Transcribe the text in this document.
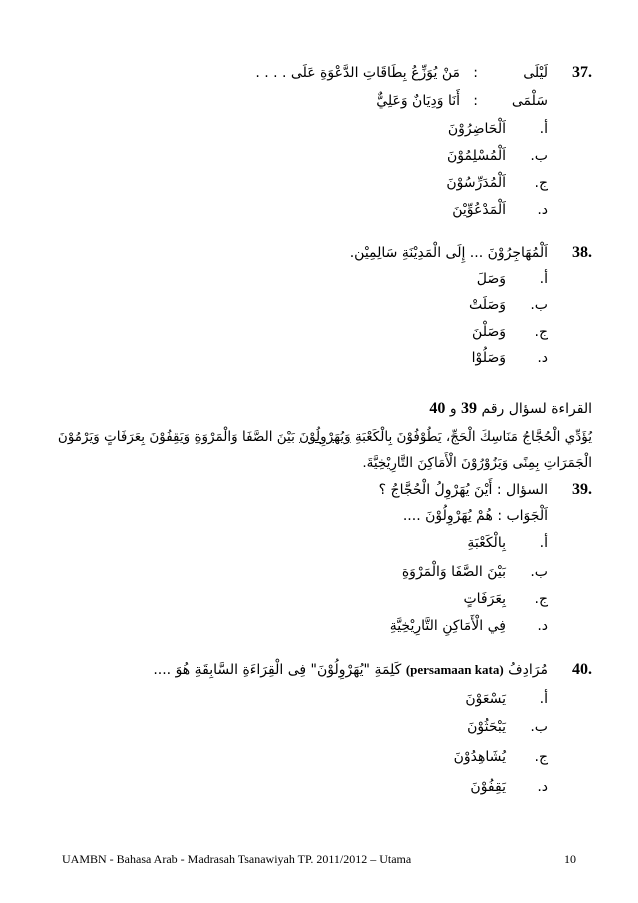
37.
لَيْلَى
:
مَنْ يُوَزِّعُ بِطَاقَاتِ الدَّعْوَةِ عَلَى . . . .
سَلْمَى
:
أَنَا وَدِيَانٌ وَعَلِيٌّ
أ.
اَلْحَاضِرُوْنَ
ب.
اَلْمُسْلِمُوْنَ
ج.
اَلْمُدَرِّسُوْنَ
د.
اَلْمَدْعُوِّيْنَ
38.
اَلْمُهَاجِرُوْنَ ... إِلَى الْمَدِيْنَةِ سَالِمِيْن.
أ.
وَصَلَ
ب.
وَصَلَتْ
ج.
وَصَلْنَ
د.
وَصَلُوْا
القراءة لسؤال رقم 39 و 40
يُؤَدِّي الْحُجَّاجُ مَنَاسِكَ الْحَجِّ، يَطُوْفُوْنَ بِالْكَعْبَةِ وَيُهَرْوِلُوْنَ بَيْنَ الصَّفَا وَالْمَرْوَةِ وَيَقِفُوْنَ بِعَرَفَاتٍ وَيَرْمُوْنَ
الْجَمَرَاتِ بِمِنًى وَيَزُوْرُوْنَ الْأَمَاكِنَ التَّارِيْخِيَّةَ.
39.
السؤال : أَيْنَ يُهَرْوِلُ الْحُجَّاجُ ؟
اَلْجَوَاب : هُمْ يُهَرْوِلُوْنَ ....
أ.
بِالْكَعْبَةِ
ب.
بَيْنَ الصَّفَا وَالْمَرْوَةِ
ج.
بِعَرَفَاتٍ
د.
فِي الْأَمَاكِنِ التَّارِيْخِيَّةِ
40.
مُرَادِفُ (persamaan kata) كَلِمَةِ "يُهَرْوِلُوْنَ" فِى الْقِرَاءَةِ السَّابِقَةِ هُوَ ....
أ.
يَسْعَوْنَ
ب.
يَبْحَثُوْنَ
ج.
يُشَاهِدُوْنَ
د.
يَقِفُوْنَ
UAMBN - Bahasa Arab - Madrasah Tsanawiyah TP. 2011/2012 – Utama	10
